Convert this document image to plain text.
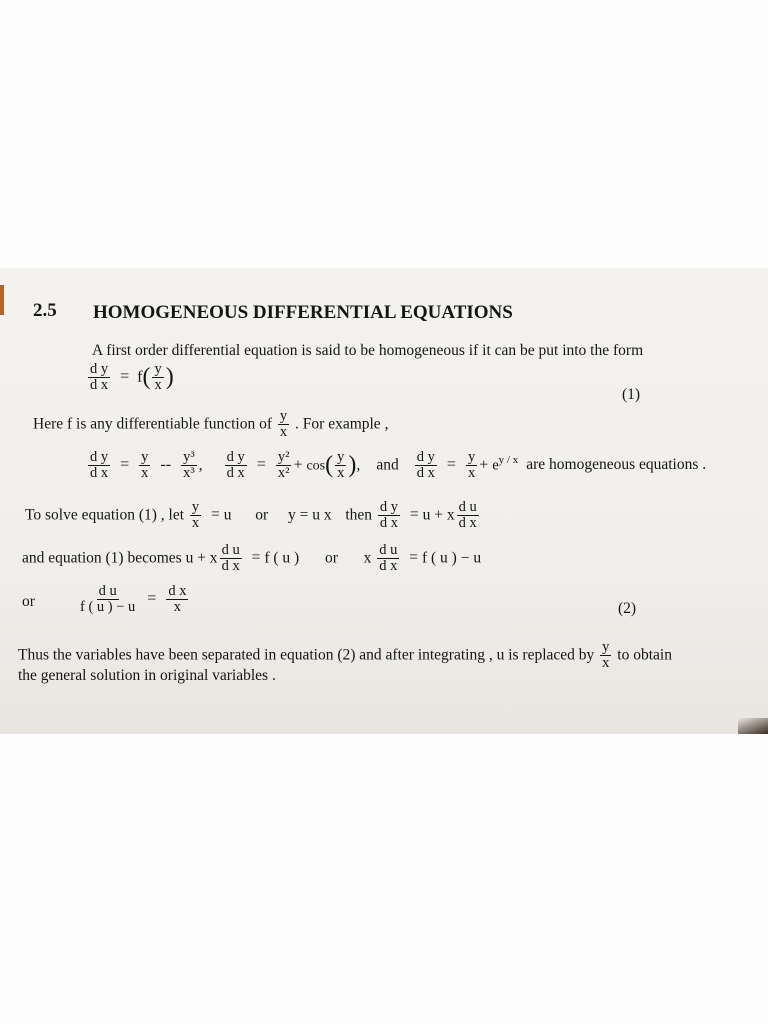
2.5 HOMOGENEOUS DIFFERENTIAL EQUATIONS
A first order differential equation is said to be homogeneous if it can be put into the form
$\frac{\text{d y}}{\text{d x}} = f( \frac{y}{x}$ )
(1)
Here f is any differentiable function of $\frac{y}{x}$ . For example ,
$\frac{\text{d y}}{\text{d x}} = \frac{y}{x} -- \frac{\text{y³}}{\text{x³}}$ , $\frac{\text{d y}}{\text{d x}} = \frac{\text{y²}}{\text{x²}} + \cos( \frac{y}{x}$ ),  and $\frac{\text{d y}}{\text{d x}} = \frac{y}{x} + e^{y / x}$ are homogeneous equations .
To solve equation (1) , let $\frac{y}{x} = u$ or y = u x then $\frac{\text{d y}}{\text{d x}} = u + x \frac{\text{d u}}{\text{d x}}$
and equation (1) becomes u + x $\frac{\text{d u}}{\text{d x}} = f$ ( u ) or x $\frac{\text{d u}}{\text{d x}} = f$ ( u ) − u
or	$\frac{\text{d u}}{f ( u ) - u} = \frac{\text{d x}}{x}$	(2)
Thus the variables have been separated in equation (2) and after integrating , u is replaced by $\frac{y}{x}$ to obtain
the general solution in original variables .
